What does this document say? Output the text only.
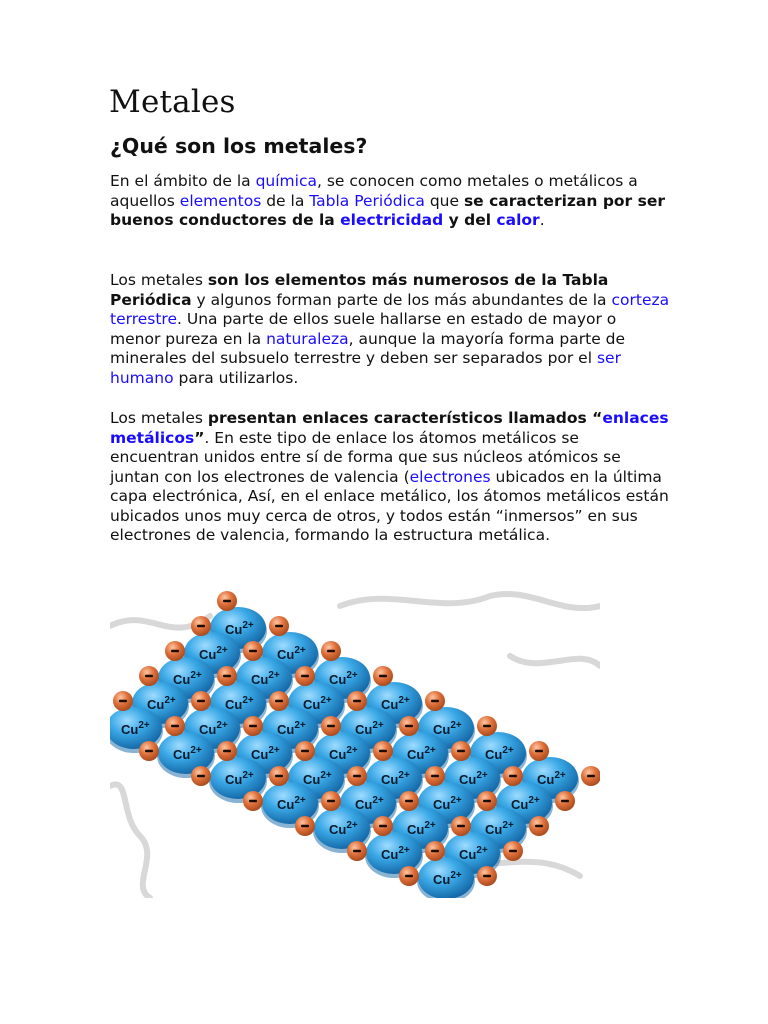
Metales
¿Qué son los metales?

En el ámbito de la química, se conocen como metales o metálicos a aquellos elementos de la Tabla Periódica que se caracterizan por ser buenos conductores de la electricidad y del calor.

Los metales son los elementos más numerosos de la Tabla Periódica y algunos forman parte de los más abundantes de la corteza terrestre. Una parte de ellos suele hallarse en estado de mayor o menor pureza en la naturaleza, aunque la mayoría forma parte de minerales del subsuelo terrestre y deben ser separados por el ser humano para utilizarlos.

Los metales presentan enlaces característicos llamados “enlaces metálicos”. En este tipo de enlace los átomos metálicos se encuentran unidos entre sí de forma que sus núcleos atómicos se juntan con los electrones de valencia (electrones ubicados en la última capa electrónica, Así, en el enlace metálico, los átomos metálicos están ubicados unos muy cerca de otros, y todos están “inmersos” en sus electrones de valencia, formando la estructura metálica.

$Cu^{2+}$
$Cu^{2+}$
$Cu^{2+}$
$Cu^{2+}$
$Cu^{2+}$
$Cu^{2+}$
$Cu^{2+}$
$Cu^{2+}$
$Cu^{2+}$
$Cu^{2+}$
$Cu^{2+}$
$Cu^{2+}$
$Cu^{2+}$
$Cu^{2+}$
$Cu^{2+}$
$Cu^{2+}$
$Cu^{2+}$
$Cu^{2+}$
$Cu^{2+}$
$Cu^{2+}$
$Cu^{2+}$
$Cu^{2+}$
$Cu^{2+}$
$Cu^{2+}$
$Cu^{2+}$
$Cu^{2+}$
$Cu^{2+}$
$Cu^{2+}$
$Cu^{2+}$
$Cu^{2+}$
$Cu^{2+}$
$Cu^{2+}$
$Cu^{2+}$
$Cu^{2+}$
$Cu^{2+}$
